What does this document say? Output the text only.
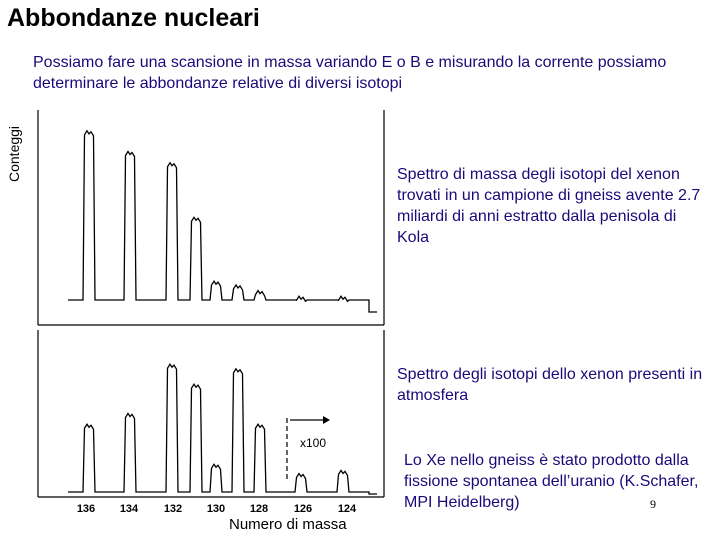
Abbondanze nucleari
Possiamo fare una scansione in massa variando E o B e misurando la corrente possiamo determinare le abbondanze relative di diversi isotopi
Conteggi
136 134 132 130 128 126 124
x100
Spettro di massa degli isotopi del xenon trovati in un campione di gneiss avente 2.7 miliardi di anni estratto dalla penisola di Kola
Spettro degli isotopi dello xenon presenti in atmosfera
Lo Xe nello gneiss è stato prodotto dalla fissione spontanea dell’uranio (K.Schafer, MPI Heidelberg)
Numero di massa
9
